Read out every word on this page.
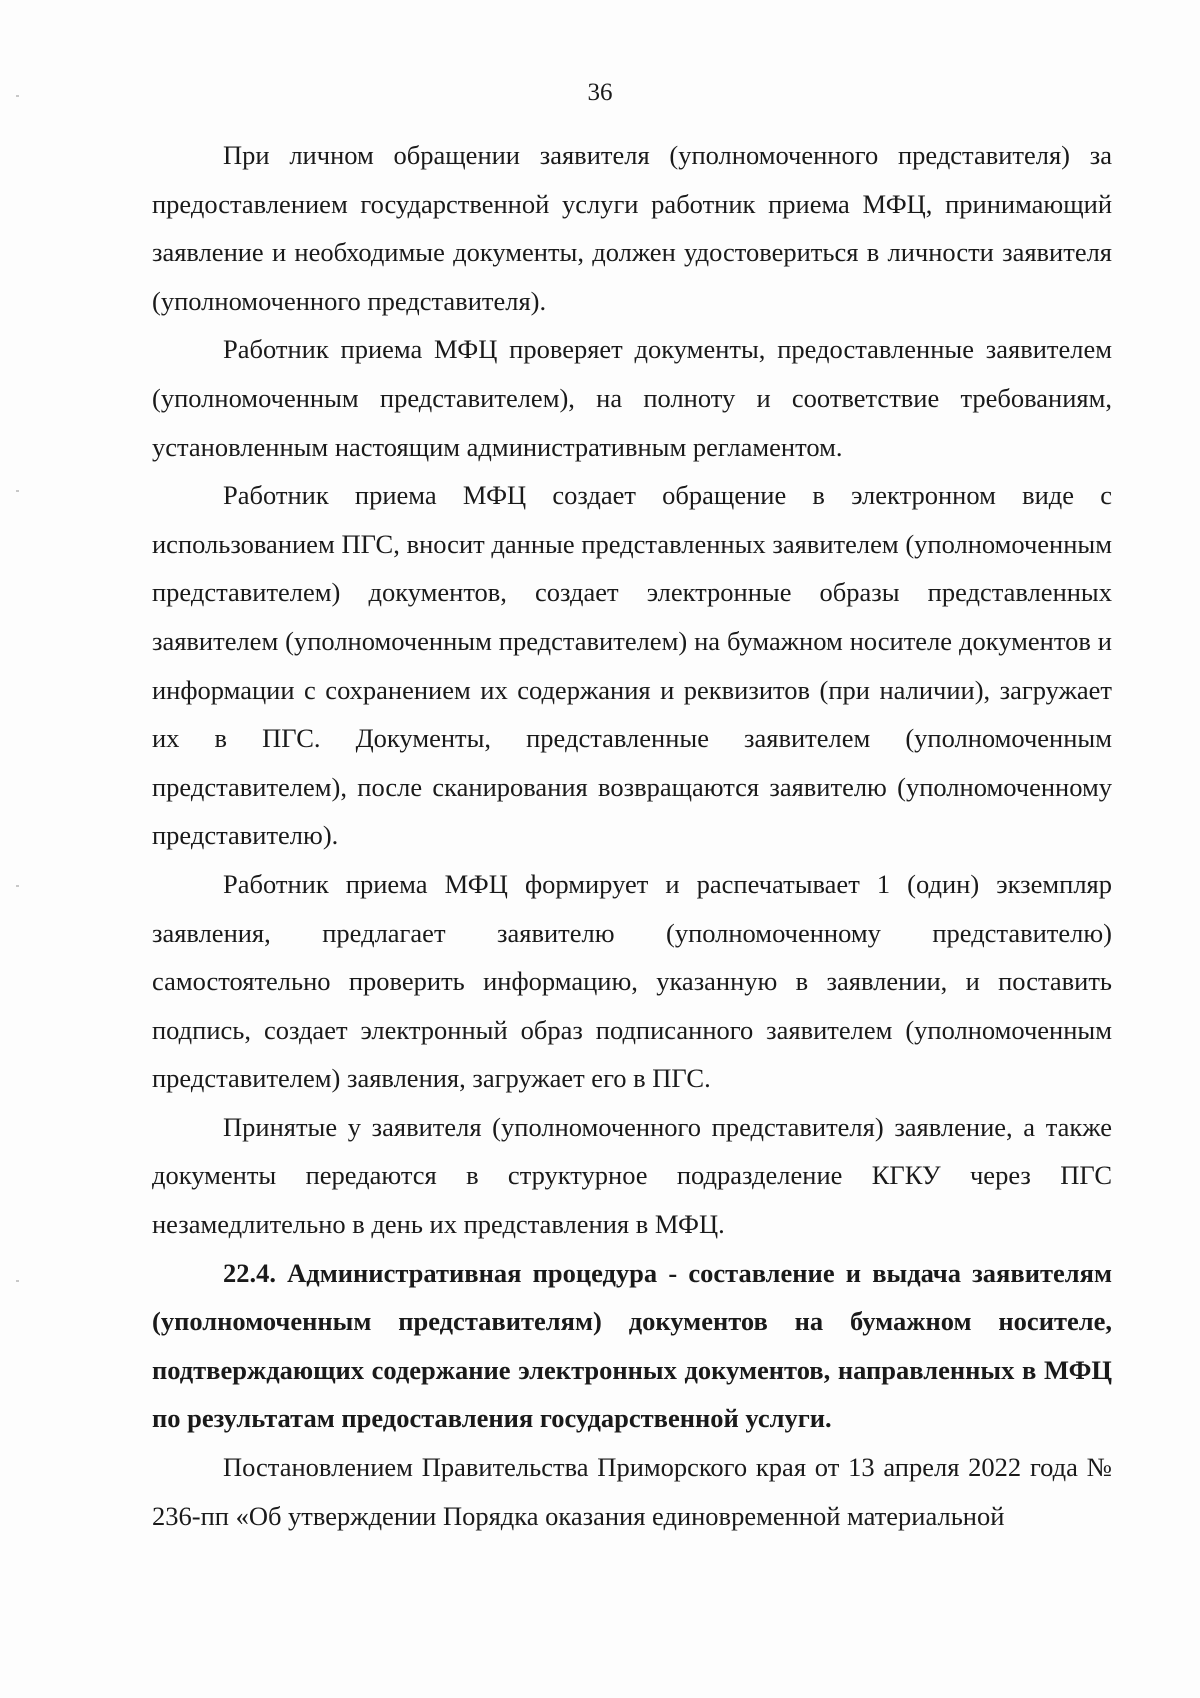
36

При личном обращении заявителя (уполномоченного представителя) за предоставлением государственной услуги работник приема МФЦ, принимающий заявление и необходимые документы, должен удостовериться в личности заявителя (уполномоченного представителя).

Работник приема МФЦ проверяет документы, предоставленные заявителем (уполномоченным представителем), на полноту и соответствие требованиям, установленным настоящим административным регламентом.

Работник приема МФЦ создает обращение в электронном виде с использованием ПГС, вносит данные представленных заявителем (уполномоченным представителем) документов, создает электронные образы представленных заявителем (уполномоченным представителем) на бумажном носителе документов и информации с сохранением их содержания и реквизитов (при наличии), загружает их в ПГС. Документы, представленные заявителем (уполномоченным представителем), после сканирования возвращаются заявителю (уполномоченному представителю).

Работник приема МФЦ формирует и распечатывает 1 (один) экземпляр заявления, предлагает заявителю (уполномоченному представителю) самостоятельно проверить информацию, указанную в заявлении, и поставить подпись, создает электронный образ подписанного заявителем (уполномоченным представителем) заявления, загружает его в ПГС.

Принятые у заявителя (уполномоченного представителя) заявление, а также документы передаются в структурное подразделение КГКУ через ПГС незамедлительно в день их представления в МФЦ.

22.4. Административная процедура - составление и выдача заявителям (уполномоченным представителям) документов на бумажном носителе, подтверждающих содержание электронных документов, направленных в МФЦ по результатам предоставления государственной услуги.

Постановлением Правительства Приморского края от 13 апреля 2022 года № 236-пп «Об утверждении Порядка оказания единовременной материальной
